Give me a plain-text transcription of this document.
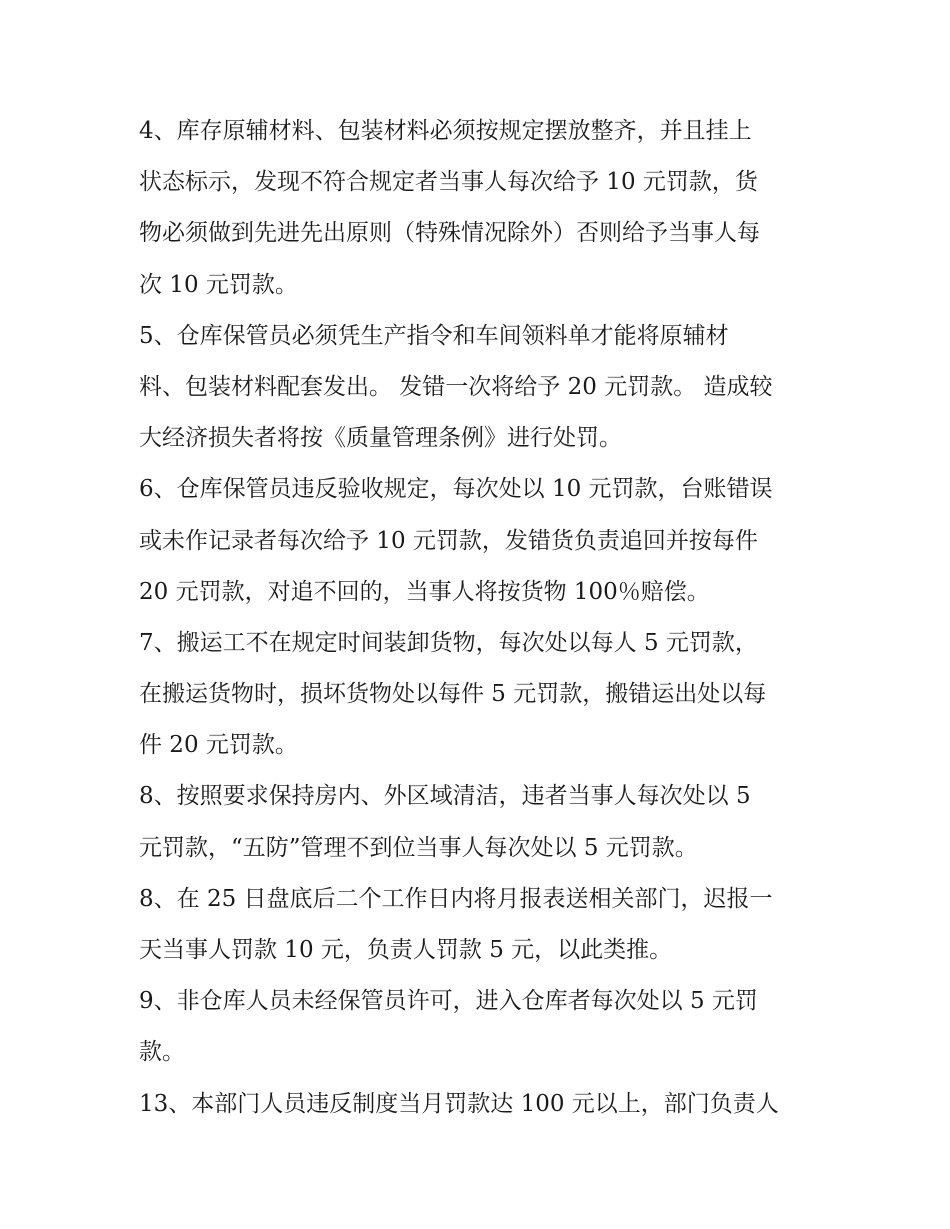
4、库存原辅材料、包装材料必须按规定摆放整齐，并且挂上
状态标示，发现不符合规定者当事人每次给予 10 元罚款，货
物必须做到先进先出原则（特殊情况除外）否则给予当事人每
次 10 元罚款。
5、仓库保管员必须凭生产指令和车间领料单才能将原辅材
料、包装材料配套发出。 发错一次将给予 20 元罚款。 造成较
大经济损失者将按《质量管理条例》进行处罚。
6、仓库保管员违反验收规定，每次处以 10 元罚款，台账错误
或未作记录者每次给予 10 元罚款，发错货负责追回并按每件
20 元罚款，对追不回的，当事人将按货物 100％赔偿。
7、搬运工不在规定时间装卸货物，每次处以每人 5 元罚款，
在搬运货物时，损坏货物处以每件 5 元罚款，搬错运出处以每
件 20 元罚款。
8、按照要求保持房内、外区域清洁，违者当事人每次处以 5
元罚款，“五防”管理不到位当事人每次处以 5 元罚款。
8、在 25 日盘底后二个工作日内将月报表送相关部门，迟报一
天当事人罚款 10 元，负责人罚款 5 元，以此类推。
9、非仓库人员未经保管员许可，进入仓库者每次处以 5 元罚
款。
13、本部门人员违反制度当月罚款达 100 元以上，部门负责人
